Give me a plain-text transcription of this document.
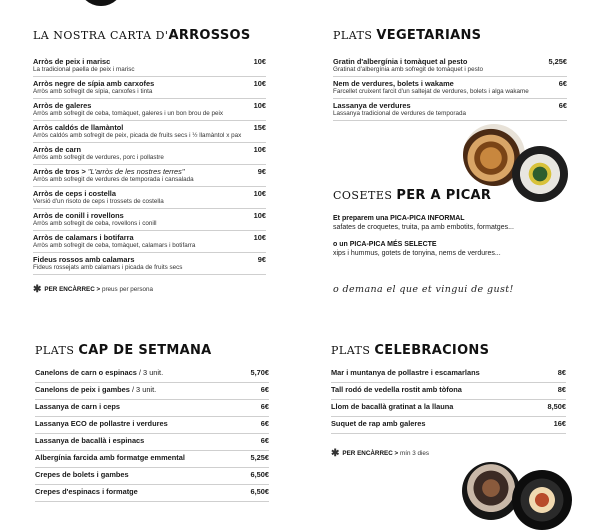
LA NOSTRA CARTA D'ARROSSOS
Arròs de peix i marisc
La tradicional paella de peix i marisc
10€
Arròs negre de sípia amb carxofes
Arròs amb sofregit de sípia, carxofes i tinta
10€
Arròs de galeres
Arròs amb sofregit de ceba, tomàquet, galeres i un bon brou de peix
10€
Arròs caldós de llamàntol
Arròs caldós amb sofregit de peix, picada de fruits secs i ½ llamàntol x pax
15€
Arròs de carn
Arròs amb sofregit de verdures, porc i pollastre
10€
Arròs de tros > "L'arròs de les nostres terres"
Arròs amb sofregit de verdures de temporada i cansalada
9€
Arròs de ceps i costella
Versió d'un risoto de ceps i trossets de costella
10€
Arròs de conill i rovellons
Arròs amb sofregit de ceba, rovellons i conill
10€
Arròs de calamars i botifarra
Arròs amb sofregit de ceba, tomàquet, calamars i botifarra
10€
Fideus rossos amb calamars
Fideus rossejats amb calamars i picada de fruits secs
9€
✱ PER ENCÀRREC > preus per persona
PLATS VEGETARIANS
Gratin d'albergínia i tomàquet al pesto
Gratinat d'albergínia amb sofregit de tomàquet i pesto
5,25€
Nem de verdures, bolets i wakame
Farcellet cruixent farcit d'un saltejat de verdures, bolets i alga wakame
6€
Lassanya de verdures
Lassanya tradicional de verdures de temporada
6€
COSETES PER A PICAR
Et preparem una PICA-PICA INFORMAL
safates de croquetes, truita, pa amb embotits, formatges...
o un PICA-PICA MÉS SELECTE
xips i hummus, gotets de tonyina, nems de verdures...
o demana el que et vingui de gust!
PLATS CAP DE SETMANA
Canelons de carn o espinacs / 3 unit.	5,70€
Canelons de peix i gambes / 3 unit.	6€
Lassanya de carn i ceps	6€
Lassanya ECO de pollastre i verdures	6€
Lassanya de bacallà i espinacs	6€
Albergínia farcida amb formatge emmental	5,25€
Crepes de bolets i gambes	6,50€
Crepes d'espinacs i formatge	6,50€
PLATS CELEBRACIONS
Mar i muntanya de pollastre i escamarlans	8€
Tall rodó de vedella rostit amb tòfona	8€
Llom de bacallà gratinat a la llauna	8,50€
Suquet de rap amb galeres	16€
✱ PER ENCÀRREC > mín 3 dies
